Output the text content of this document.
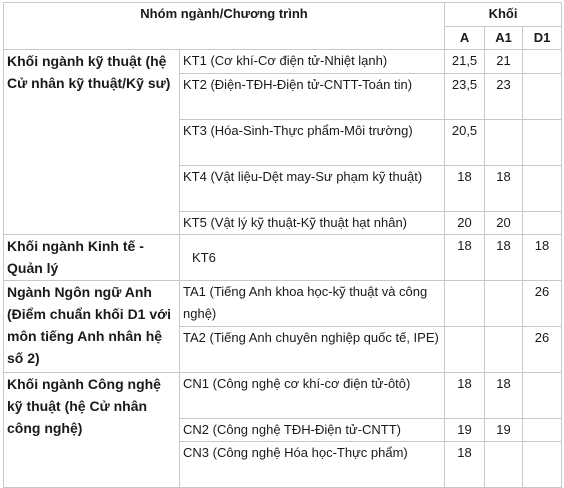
Nhóm ngành/Chương trình		Khối		
		A	A1	D1
Khối ngành kỹ thuật (hệ Cử nhân kỹ thuật/Kỹ sư)	KT1 (Cơ khí-Cơ điện tử-Nhiệt lạnh)	21,5	21	
	KT2 (Điện-TĐH-Điện tử-CNTT-Toán tin)	23,5	23	
	KT3 (Hóa-Sinh-Thực phẩm-Môi trường)	20,5		
	KT4 (Vật liệu-Dệt may-Sư phạm kỹ thuật)	18	18	
	KT5 (Vật lý kỹ thuật-Kỹ thuật hạt nhân)	20	20	
Khối ngành Kinh tế - Quản lý	KT6	18	18	18
Ngành Ngôn ngữ Anh (Điểm chuẩn khối D1 với môn tiếng Anh nhân hệ số 2)	TA1 (Tiếng Anh khoa học-kỹ thuật và công nghệ)			26
	TA2 (Tiếng Anh chuyên nghiệp quốc tế, IPE)			26
Khối ngành Công nghệ kỹ thuật (hệ Cử nhân công nghệ)	CN1 (Công nghệ cơ khí-cơ điện tử-ôtô)	18	18	
	CN2 (Công nghệ TĐH-Điện tử-CNTT)	19	19	
	CN3 (Công nghệ Hóa học-Thực phẩm)	18		
